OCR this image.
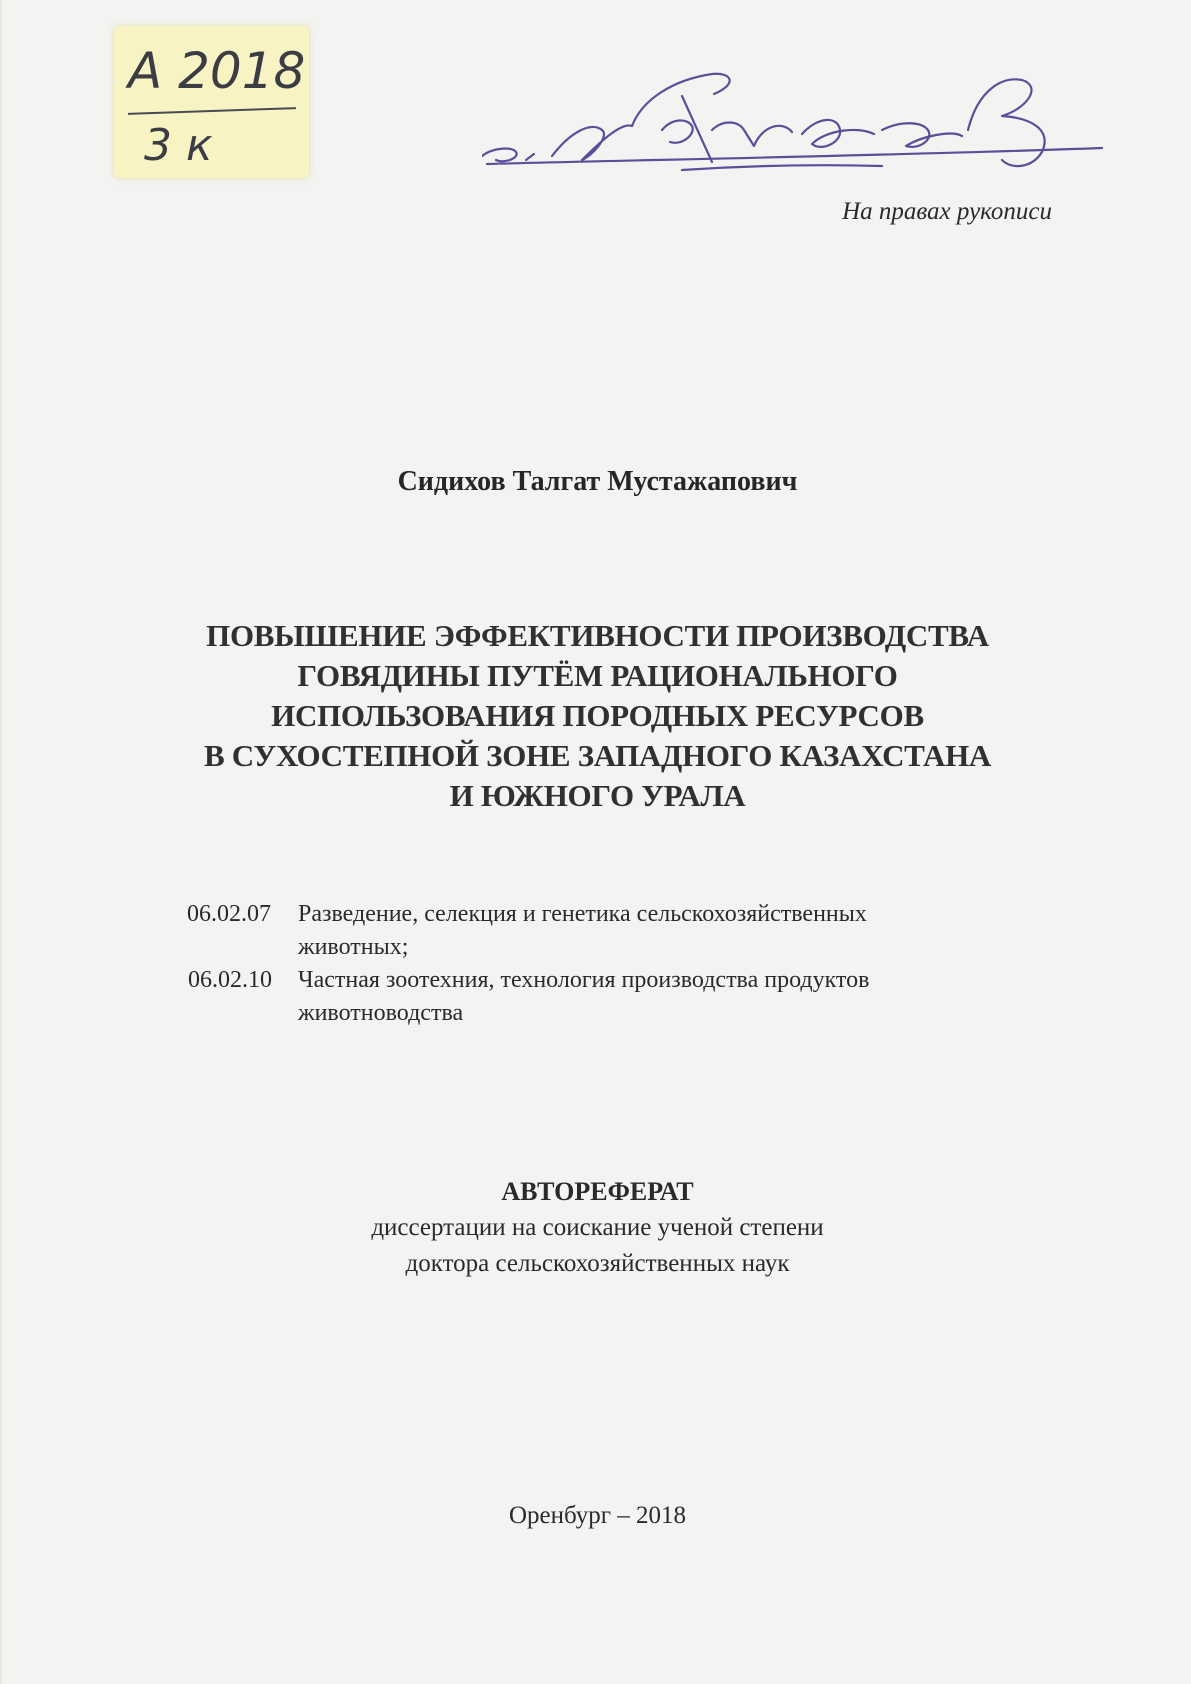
А 2018
3 к
На правах рукописи
Сидихов Талгат Мустажапович
ПОВЫШЕНИЕ ЭФФЕКТИВНОСТИ ПРОИЗВОДСТВА
ГОВЯДИНЫ ПУТЁМ РАЦИОНАЛЬНОГО
ИСПОЛЬЗОВАНИЯ ПОРОДНЫХ РЕСУРСОВ
В СУХОСТЕПНОЙ ЗОНЕ ЗАПАДНОГО КАЗАХСТАНА
И ЮЖНОГО УРАЛА
06.02.07	Разведение, селекция и генетика сельскохозяйственных
животных;
06.02.10	Частная зоотехния, технология производства продуктов
животноводства
АВТОРЕФЕРАТ
диссертации на соискание ученой степени
доктора сельскохозяйственных наук
Оренбург – 2018
